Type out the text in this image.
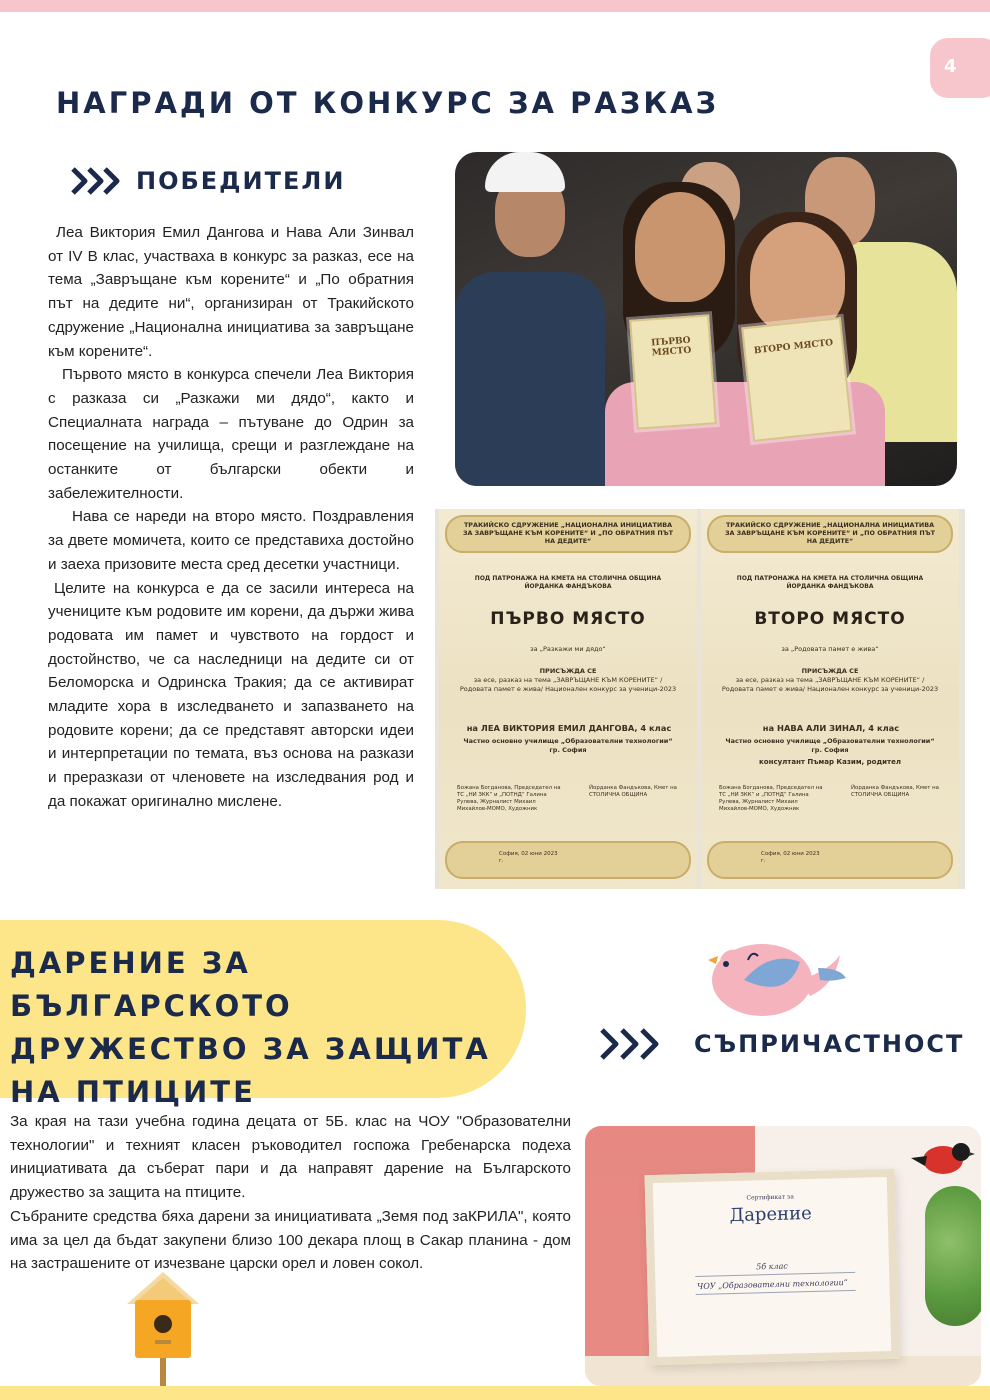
4
НАГРАДИ ОТ КОНКУРС ЗА РАЗКАЗ
ПОБЕДИТЕЛИ

Леа Виктория Емил Дангова и Нава Али Зинвал от IV В клас, участваха в конкурс за разказ, есе на тема „Завръщане към корените“ и „По обратния път на дедите ни“, организиран от Тракийското сдружение „Национална инициатива за завръщане към корените“.

Първото място в конкурса спечели Леа Виктория с разказа си „Разкажи ми дядо“, както и Специалната награда – пътуване до Одрин за посещение на училища, срещи и разглеждане на останките от български обекти и забележителности.

Нава се нареди на второ място. Поздравления за двете момичета, които се представиха достойно и заеха призовите места сред десетки участници.

Целите на конкурса е да се засили интереса на учениците към родовите им корени, да държи жива родовата им памет и чувството на гордост и достойнство, че са наследници на дедите си от Беломорска и Одринска Тракия; да се активират младите хора в изследването и запазването на родовите корени; да се представят авторски идеи и интерпретации по темата, въз основа на разкази и преразкази от членовете на изследвания род и да покажат оригинално мислене.

ПЪРВО МЯСТО	ВТОРО МЯСТО
ТРАКИЙСКО СДРУЖЕНИЕ „НАЦИОНАЛНА ИНИЦИАТИВА ЗА ЗАВРЪЩАНЕ КЪМ КОРЕНИТЕ“ И „ПО ОБРАТНИЯ ПЪТ НА ДЕДИТЕ“
ПОД ПАТРОНАЖА НА КМЕТА НА СТОЛИЧНА ОБЩИНА ЙОРДАНКА ФАНДЪКОВА
ПЪРВО МЯСТО
за „Разкажи ми дядо“
ПРИСЪЖДА СЕ
за есе, разказ на тема „ЗАВРЪЩАНЕ КЪМ КОРЕНИТЕ“ /Родовата памет е жива/ Национален конкурс за ученици-2023
на ЛЕА ВИКТОРИЯ ЕМИЛ ДАНГОВА, 4 клас
Частно основно училище „Образователни технологии“ гр. София
Божана Богданова, Председател на ТС „НИ ЗКК“ и „ПОТНД“ Галина Рулева, Журналист Михаил Михайлов-МОМО, Художник
Йорданка Фандъкова, Кмет на СТОЛИЧНА ОБЩИНА
София, 02 юни 2023 г.
ТРАКИЙСКО СДРУЖЕНИЕ „НАЦИОНАЛНА ИНИЦИАТИВА ЗА ЗАВРЪЩАНЕ КЪМ КОРЕНИТЕ“ И „ПО ОБРАТНИЯ ПЪТ НА ДЕДИТЕ“
ПОД ПАТРОНАЖА НА КМЕТА НА СТОЛИЧНА ОБЩИНА ЙОРДАНКА ФАНДЪКОВА
ВТОРО МЯСТО
за „Родовата памет е жива“
ПРИСЪЖДА СЕ
за есе, разказ на тема „ЗАВРЪЩАНЕ КЪМ КОРЕНИТЕ“ /Родовата памет е жива/ Национален конкурс за ученици-2023
на НАВА АЛИ ЗИНАЛ, 4 клас
Частно основно училище „Образователни технологии“ гр. София
консултант Пъмар Казим, родител
Божана Богданова, Председател на ТС „НИ ЗКК“ и „ПОТНД“ Галина Рулева, Журналист Михаил Михайлов-МОМО, Художник
Йорданка Фандъкова, Кмет на СТОЛИЧНА ОБЩИНА
София, 02 юни 2023 г.
ДАРЕНИЕ ЗА БЪЛГАРСКОТО ДРУЖЕСТВО ЗА ЗАЩИТА НА ПТИЦИТЕ
СЪПРИЧАСТНОСТ

За края на тази учебна година децата от 5Б. клас на ЧОУ "Образователни технологии" и техният класен ръководител госпожа Гребенарска подеха инициативата да съберат пари и да направят дарение на Българското дружество за защита на птиците.

Събраните средства бяха дарени за инициативата „Земя под заКРИЛА", която има за цел да бъдат закупени близо 100 декара площ в Сакар планина - дом на застрашените от изчезване царски орел и ловен сокол.

Сертификат за
Дарение
5б клас
ЧОУ „Образователни технологии“
